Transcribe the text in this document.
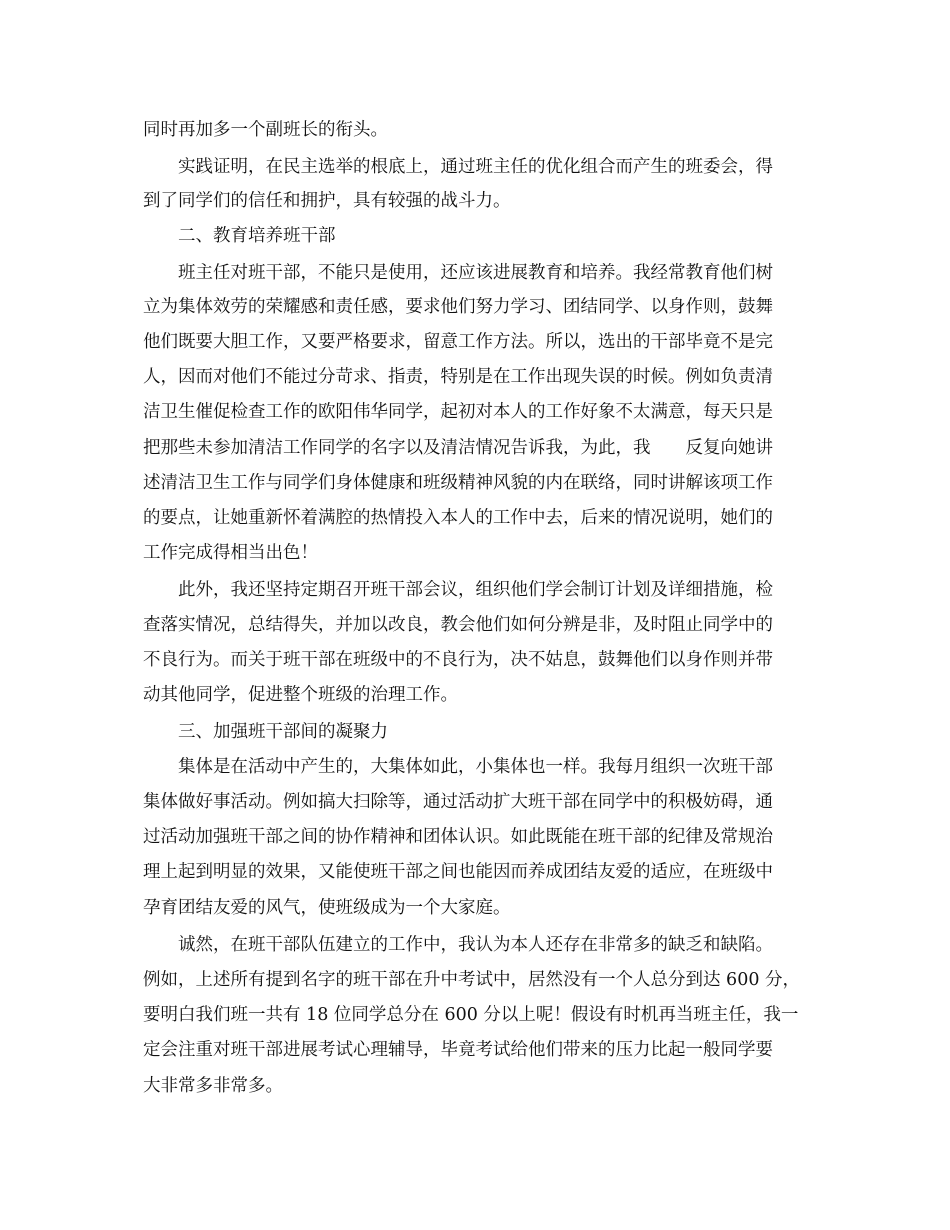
同时再加多一个副班长的衔头。
实践证明，在民主选举的根底上，通过班主任的优化组合而产生的班委会，得
到了同学们的信任和拥护，具有较强的战斗力。
二、教育培养班干部
班主任对班干部，不能只是使用，还应该进展教育和培养。我经常教育他们树
立为集体效劳的荣耀感和责任感，要求他们努力学习、团结同学、以身作则，鼓舞
他们既要大胆工作，又要严格要求，留意工作方法。所以，选出的干部毕竟不是完
人，因而对他们不能过分苛求、指责，特别是在工作出现失误的时候。例如负责清
洁卫生催促检查工作的欧阳伟华同学，起初对本人的工作好象不太满意，每天只是
把那些未参加清洁工作同学的名字以及清洁情况告诉我，为此，我　　反复向她讲
述清洁卫生工作与同学们身体健康和班级精神风貌的内在联络，同时讲解该项工作
的要点，让她重新怀着满腔的热情投入本人的工作中去，后来的情况说明，她们的
工作完成得相当出色！
此外，我还坚持定期召开班干部会议，组织他们学会制订计划及详细措施，检
查落实情况，总结得失，并加以改良，教会他们如何分辨是非，及时阻止同学中的
不良行为。而关于班干部在班级中的不良行为，决不姑息，鼓舞他们以身作则并带
动其他同学，促进整个班级的治理工作。
三、加强班干部间的凝聚力
集体是在活动中产生的，大集体如此，小集体也一样。我每月组织一次班干部
集体做好事活动。例如搞大扫除等，通过活动扩大班干部在同学中的积极妨碍，通
过活动加强班干部之间的协作精神和团体认识。如此既能在班干部的纪律及常规治
理上起到明显的效果，又能使班干部之间也能因而养成团结友爱的适应，在班级中
孕育团结友爱的风气，使班级成为一个大家庭。
诚然，在班干部队伍建立的工作中，我认为本人还存在非常多的缺乏和缺陷。
例如，上述所有提到名字的班干部在升中考试中，居然没有一个人总分到达 600 分，
要明白我们班一共有 18 位同学总分在 600 分以上呢！假设有时机再当班主任，我一
定会注重对班干部进展考试心理辅导，毕竟考试给他们带来的压力比起一般同学要
大非常多非常多。
